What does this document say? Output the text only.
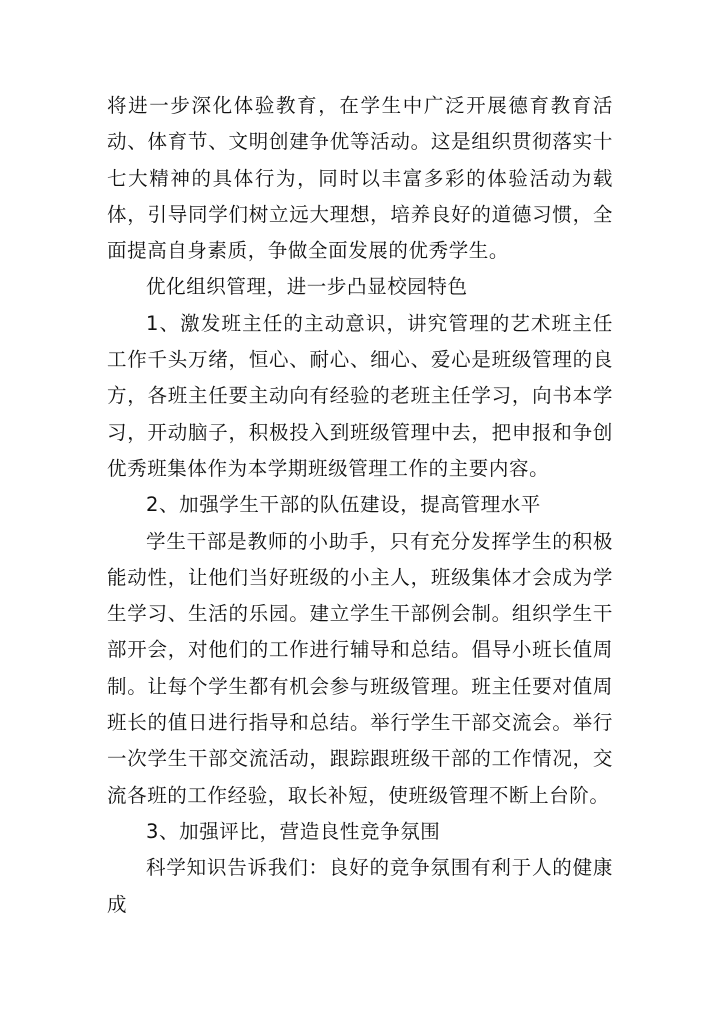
将进一步深化体验教育，在学生中广泛开展德育教育活动、体育节、文明创建争优等活动。这是组织贯彻落实十七大精神的具体行为，同时以丰富多彩的体验活动为载体，引导同学们树立远大理想，培养良好的道德习惯，全面提高自身素质，争做全面发展的优秀学生。

优化组织管理，进一步凸显校园特色

1、激发班主任的主动意识，讲究管理的艺术班主任工作千头万绪，恒心、耐心、细心、爱心是班级管理的良方，各班主任要主动向有经验的老班主任学习，向书本学习，开动脑子，积极投入到班级管理中去，把申报和争创优秀班集体作为本学期班级管理工作的主要内容。

2、加强学生干部的队伍建设，提高管理水平

学生干部是教师的小助手，只有充分发挥学生的积极能动性，让他们当好班级的小主人，班级集体才会成为学生学习、生活的乐园。建立学生干部例会制。组织学生干部开会，对他们的工作进行辅导和总结。倡导小班长值周制。让每个学生都有机会参与班级管理。班主任要对值周班长的值日进行指导和总结。举行学生干部交流会。举行一次学生干部交流活动，跟踪跟班级干部的工作情况，交流各班的工作经验，取长补短，使班级管理不断上台阶。

3、加强评比，营造良性竞争氛围

科学知识告诉我们：良好的竞争氛围有利于人的健康成
